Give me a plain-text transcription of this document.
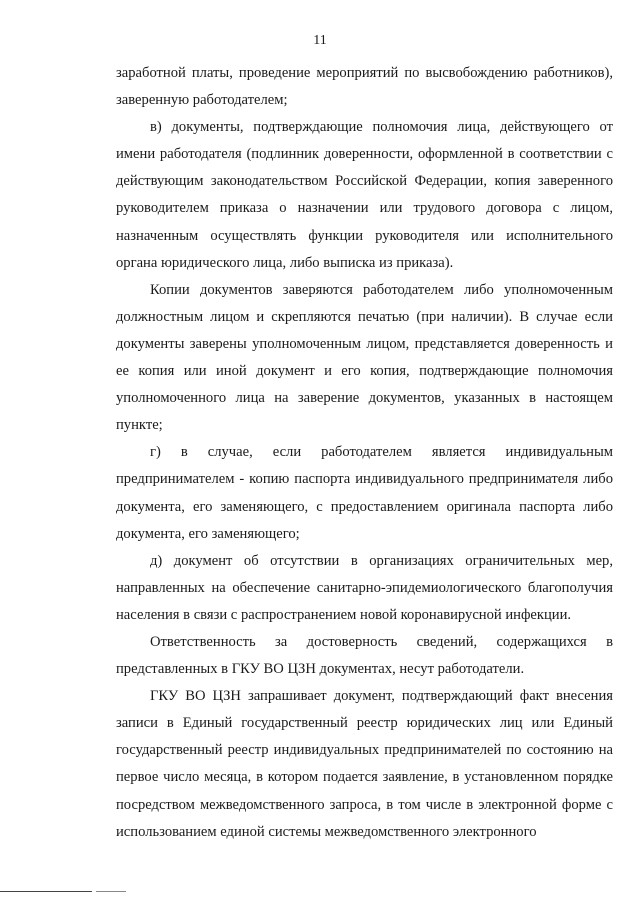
11

заработной платы, проведение мероприятий по высвобождению работников), заверенную работодателем;

в) документы, подтверждающие полномочия лица, действующего от имени работодателя (подлинник доверенности, оформленной в соответствии с действующим законодательством Российской Федерации, копия заверенного руководителем приказа о назначении или трудового договора с лицом, назначенным осуществлять функции руководителя или исполнительного органа юридического лица, либо выписка из приказа).

Копии документов заверяются работодателем либо уполномоченным должностным лицом и скрепляются печатью (при наличии). В случае если документы заверены уполномоченным лицом, представляется доверенность и ее копия или иной документ и его копия, подтверждающие полномочия уполномоченного лица на заверение документов, указанных в настоящем пункте;

г) в случае, если работодателем является индивидуальным предпринимателем - копию паспорта индивидуального предпринимателя либо документа, его заменяющего, с предоставлением оригинала паспорта либо документа, его заменяющего;

д) документ об отсутствии в организациях ограничительных мер, направленных на обеспечение санитарно-эпидемиологического благополучия населения в связи с распространением новой коронавирусной инфекции.

Ответственность за достоверность сведений, содержащихся в представленных в ГКУ ВО ЦЗН документах, несут работодатели.

ГКУ ВО ЦЗН запрашивает документ, подтверждающий факт внесения записи в Единый государственный реестр юридических лиц или Единый государственный реестр индивидуальных предпринимателей по состоянию на первое число месяца, в котором подается заявление, в установленном порядке посредством межведомственного запроса, в том числе в электронной форме с использованием единой системы межведомственного электронного
